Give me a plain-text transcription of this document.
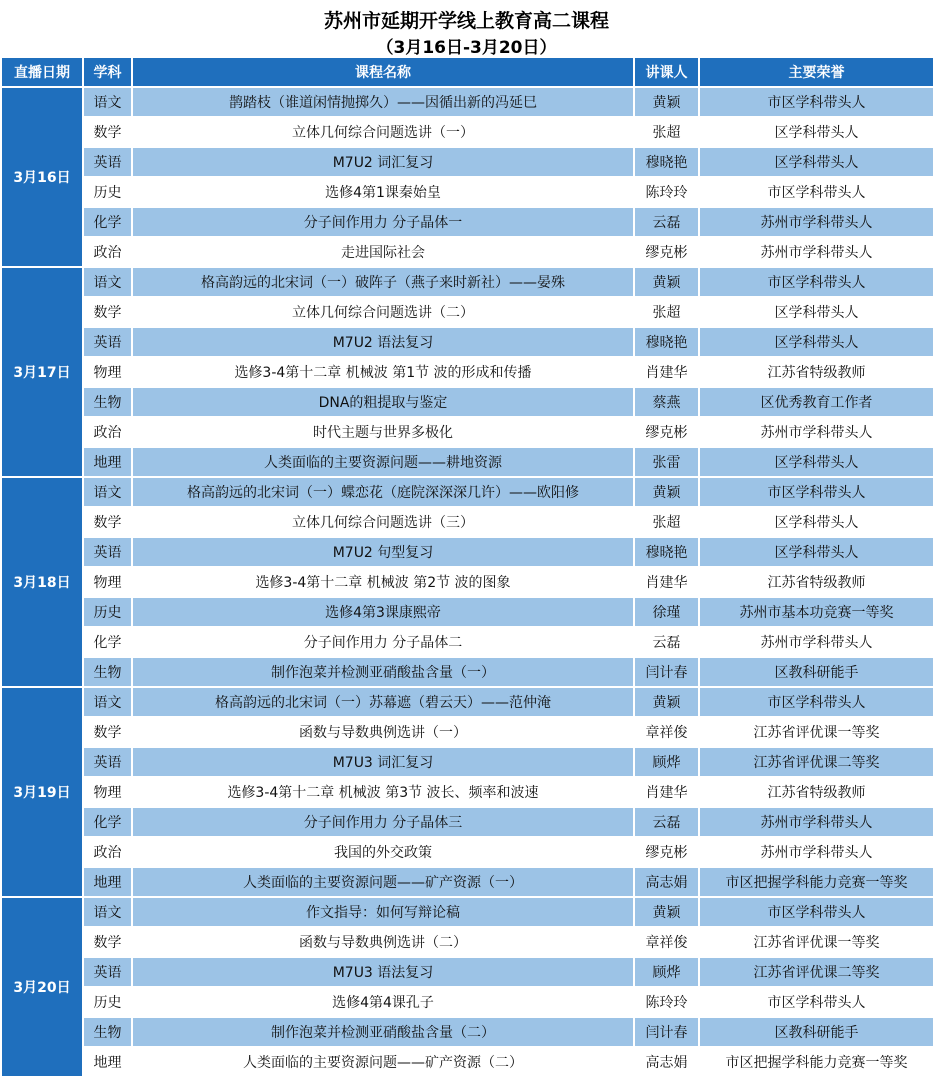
苏州市延期开学线上教育高二课程
（3月16日-3月20日）
直播日期	学科	课程名称	讲课人	主要荣誉
3月16日	语文	鹊踏枝（谁道闲情抛掷久）——因循出新的冯延巳	黄颖	市区学科带头人
	数学	立体几何综合问题选讲（一）	张超	区学科带头人
	英语	M7U2 词汇复习	穆晓艳	区学科带头人
	历史	选修4第1课秦始皇	陈玲玲	市区学科带头人
	化学	分子间作用力 分子晶体一	云磊	苏州市学科带头人
	政治	走进国际社会	缪克彬	苏州市学科带头人
3月17日	语文	格高韵远的北宋词（一）破阵子（燕子来时新社）——晏殊	黄颖	市区学科带头人
	数学	立体几何综合问题选讲（二）	张超	区学科带头人
	英语	M7U2 语法复习	穆晓艳	区学科带头人
	物理	选修3-4第十二章 机械波 第1节 波的形成和传播	肖建华	江苏省特级教师
	生物	DNA的粗提取与鉴定	蔡燕	区优秀教育工作者
	政治	时代主题与世界多极化	缪克彬	苏州市学科带头人
	地理	人类面临的主要资源问题——耕地资源	张雷	区学科带头人
3月18日	语文	格高韵远的北宋词（一）蝶恋花（庭院深深深几许）——欧阳修	黄颖	市区学科带头人
	数学	立体几何综合问题选讲（三）	张超	区学科带头人
	英语	M7U2 句型复习	穆晓艳	区学科带头人
	物理	选修3-4第十二章 机械波 第2节 波的图象	肖建华	江苏省特级教师
	历史	选修4第3课康熙帝	徐瑾	苏州市基本功竞赛一等奖
	化学	分子间作用力 分子晶体二	云磊	苏州市学科带头人
	生物	制作泡菜并检测亚硝酸盐含量（一）	闫计春	区教科研能手
3月19日	语文	格高韵远的北宋词（一）苏幕遮（碧云天）——范仲淹	黄颖	市区学科带头人
	数学	函数与导数典例选讲（一）	章祥俊	江苏省评优课一等奖
	英语	M7U3 词汇复习	顾烨	江苏省评优课二等奖
	物理	选修3-4第十二章 机械波 第3节 波长、频率和波速	肖建华	江苏省特级教师
	化学	分子间作用力 分子晶体三	云磊	苏州市学科带头人
	政治	我国的外交政策	缪克彬	苏州市学科带头人
	地理	人类面临的主要资源问题——矿产资源（一）	高志娟	市区把握学科能力竞赛一等奖
3月20日	语文	作文指导：如何写辩论稿	黄颖	市区学科带头人
	数学	函数与导数典例选讲（二）	章祥俊	江苏省评优课一等奖
	英语	M7U3 语法复习	顾烨	江苏省评优课二等奖
	历史	选修4第4课孔子	陈玲玲	市区学科带头人
	生物	制作泡菜并检测亚硝酸盐含量（二）	闫计春	区教科研能手
	地理	人类面临的主要资源问题——矿产资源（二）	高志娟	市区把握学科能力竞赛一等奖
